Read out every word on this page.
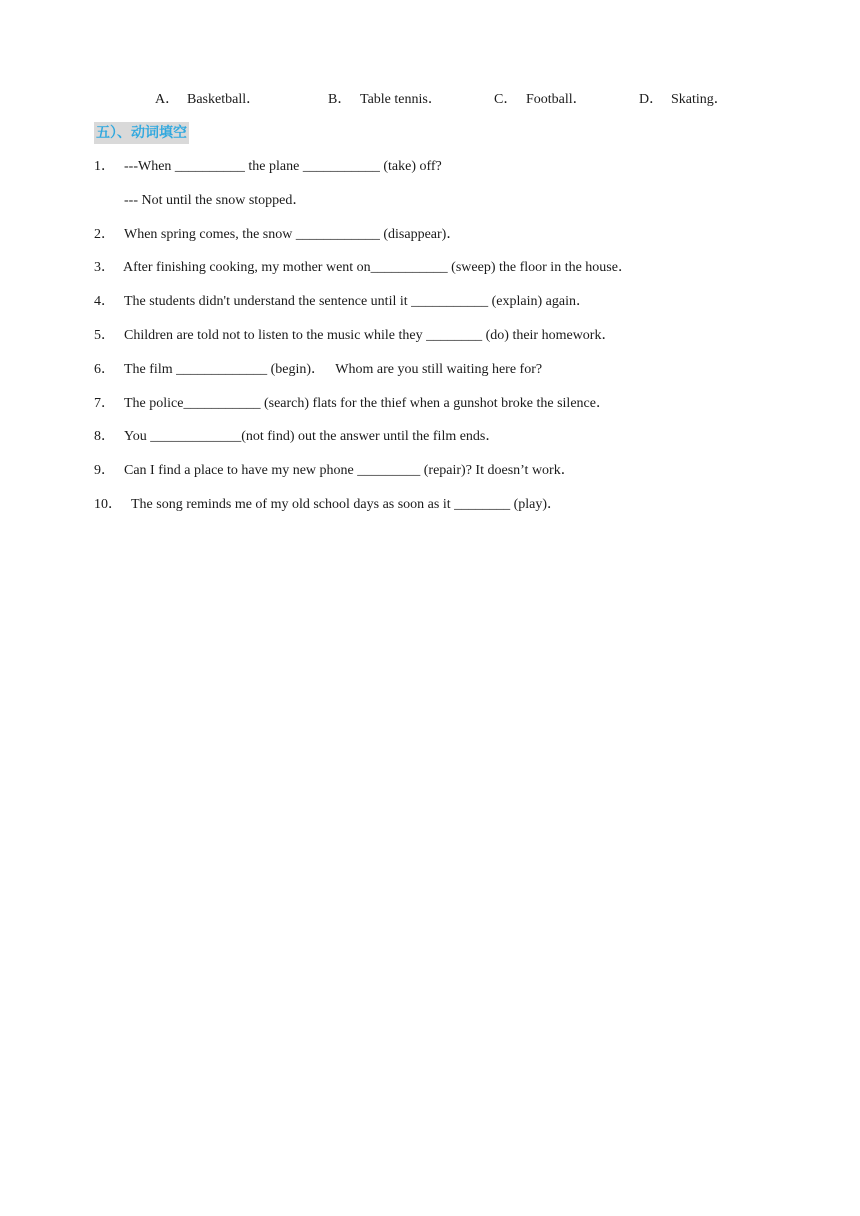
A． Basketball．	B． Table tennis．	C． Football．	D． Skating．
五）、动词填空
1． ---When __________ the plane ___________ (take) off?
--- Not until the snow stopped．
2． When spring comes, the snow ____________ (disappear)．
3． After finishing cooking, my mother went on___________ (sweep) the floor in the house．
4． The students didn't understand the sentence until it ___________ (explain) again．
5． Children are told not to listen to the music while they ________ (do) their homework．
6． The film _____________ (begin)．   Whom are you still waiting here for?
7． The police___________ (search) flats for the thief when a gunshot broke the silence．
8． You _____________(not find) out the answer until the film ends．
9． Can I find a place to have my new phone _________ (repair)? It doesn’t work．
10． The song reminds me of my old school days as soon as it ________ (play)．
